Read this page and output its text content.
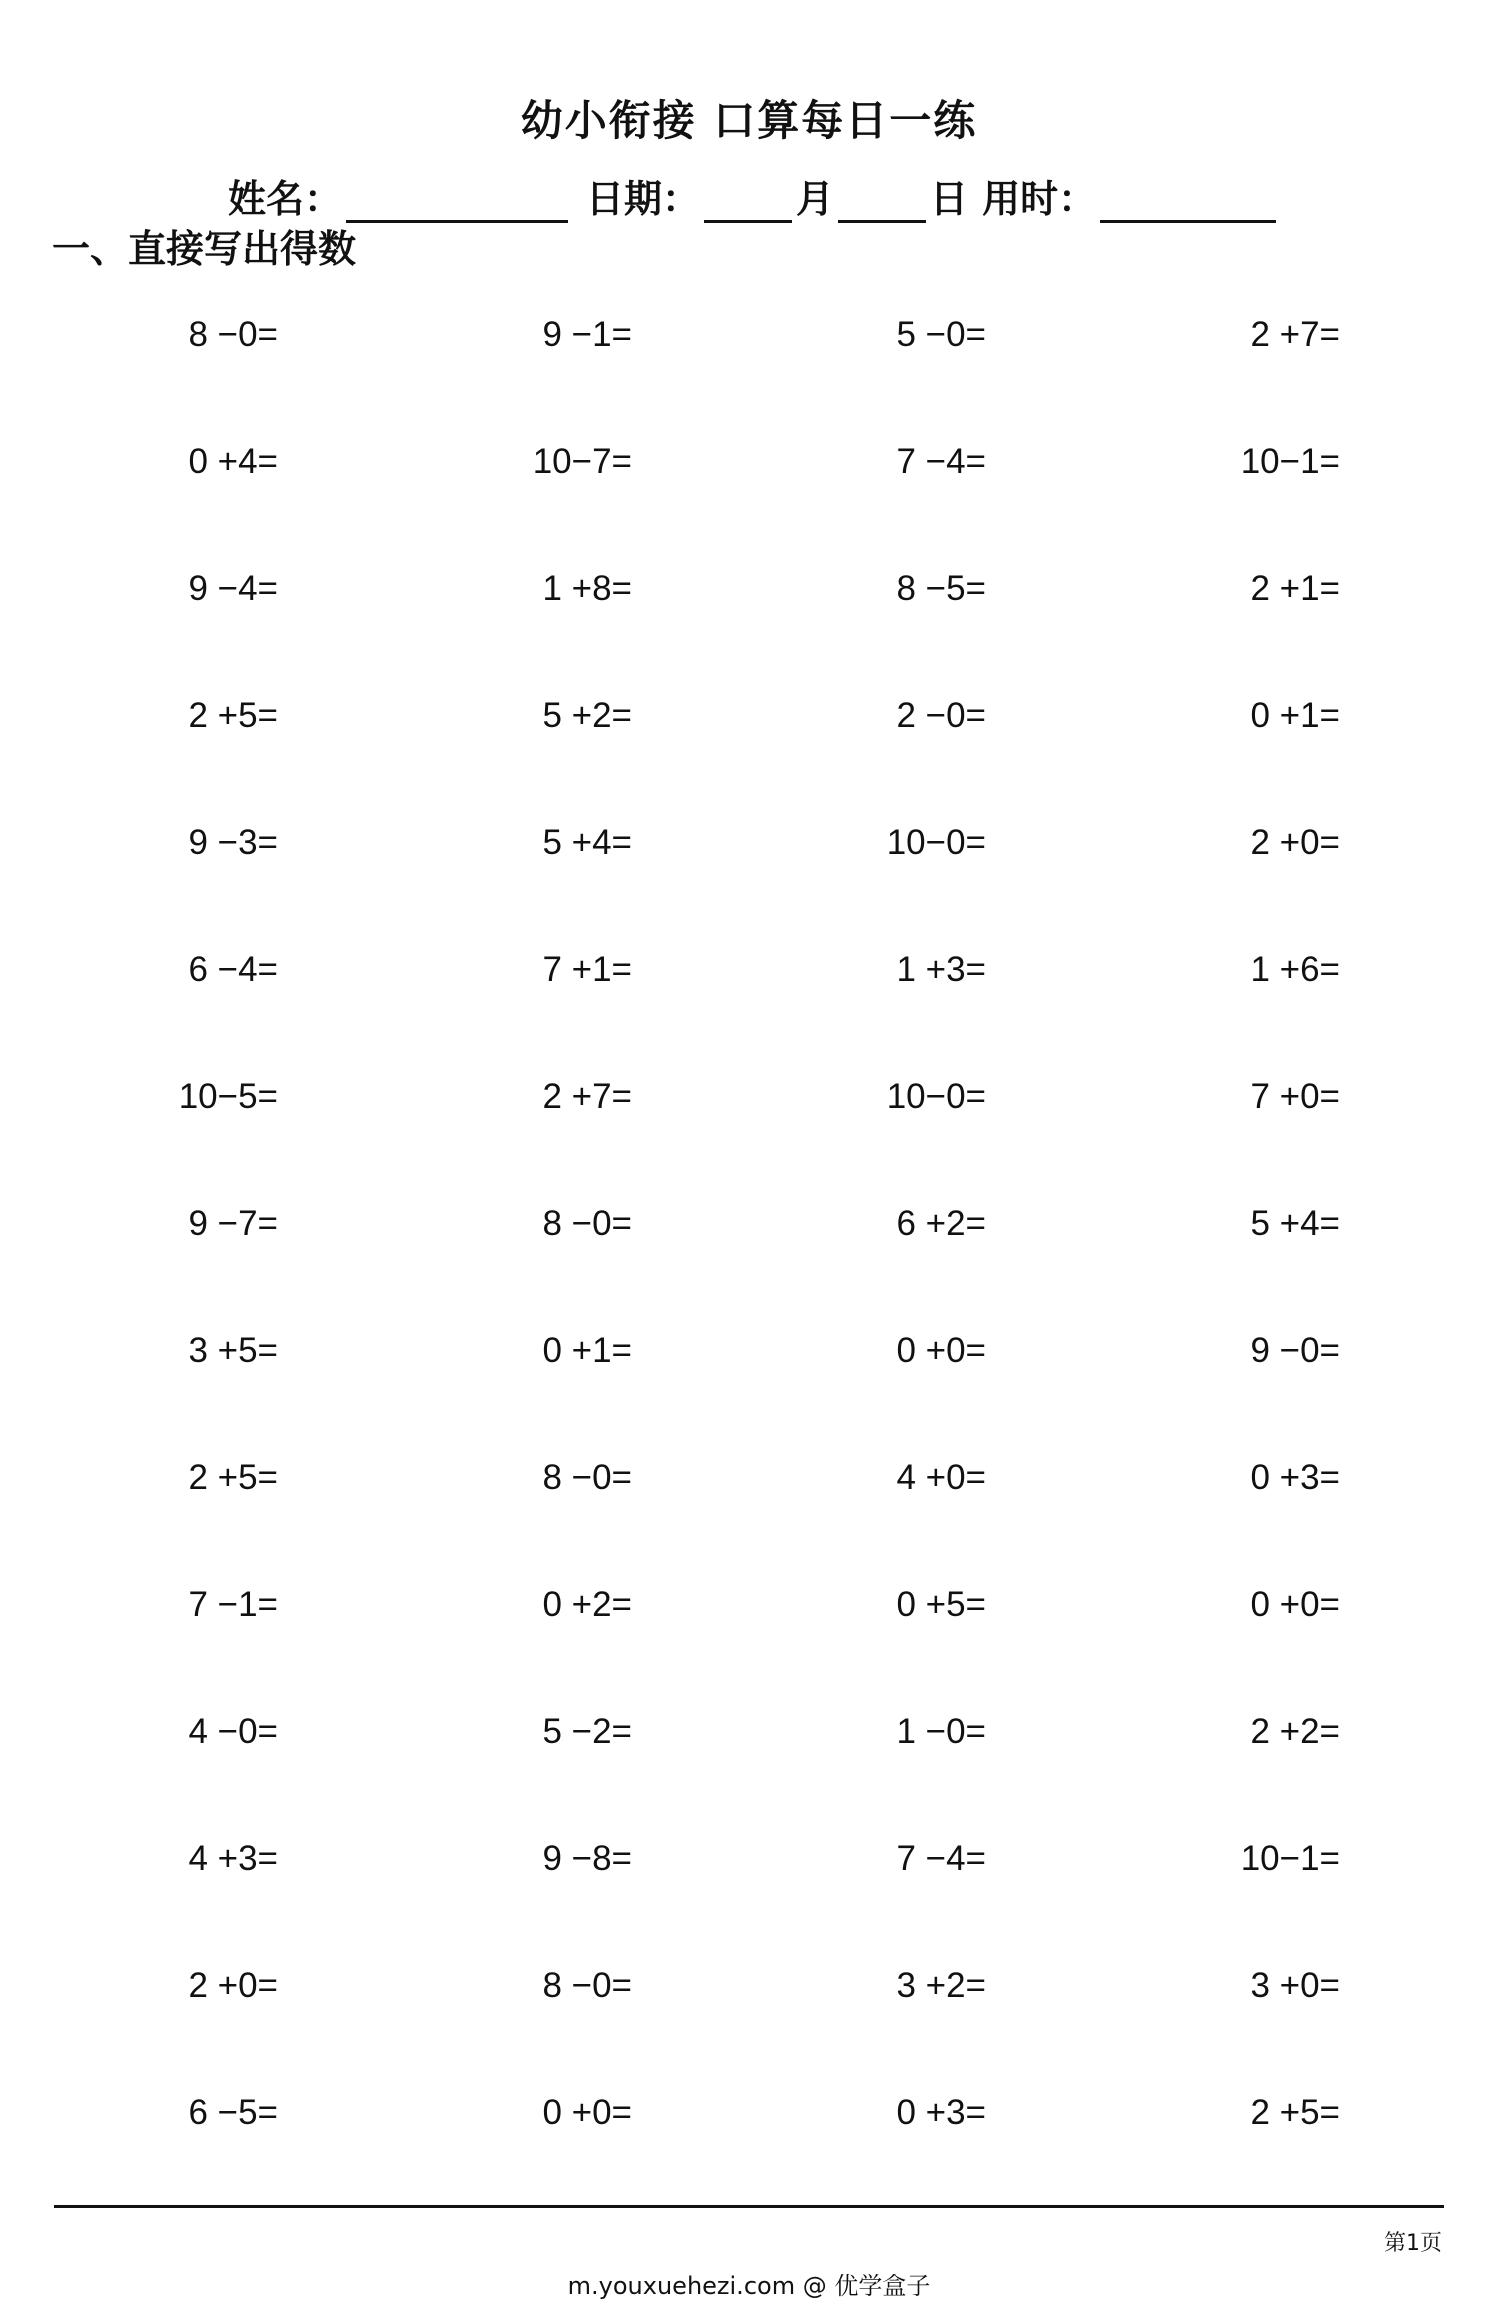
幼小衔接 口算每日一练
姓名：	日期：	月	日 用时：
一、直接写出得数
8 −0=	9 −1=	5 −0=	2 +7=
0 +4=	10−7=	7 −4=	10−1=
9 −4=	1 +8=	8 −5=	2 +1=
2 +5=	5 +2=	2 −0=	0 +1=
9 −3=	5 +4=	10−0=	2 +0=
6 −4=	7 +1=	1 +3=	1 +6=
10−5=	2 +7=	10−0=	7 +0=
9 −7=	8 −0=	6 +2=	5 +4=
3 +5=	0 +1=	0 +0=	9 −0=
2 +5=	8 −0=	4 +0=	0 +3=
7 −1=	0 +2=	0 +5=	0 +0=
4 −0=	5 −2=	1 −0=	2 +2=
4 +3=	9 −8=	7 −4=	10−1=
2 +0=	8 −0=	3 +2=	3 +0=
6 −5=	0 +0=	0 +3=	2 +5=
第1页
m.youxuehezi.com @ 优学盒子
